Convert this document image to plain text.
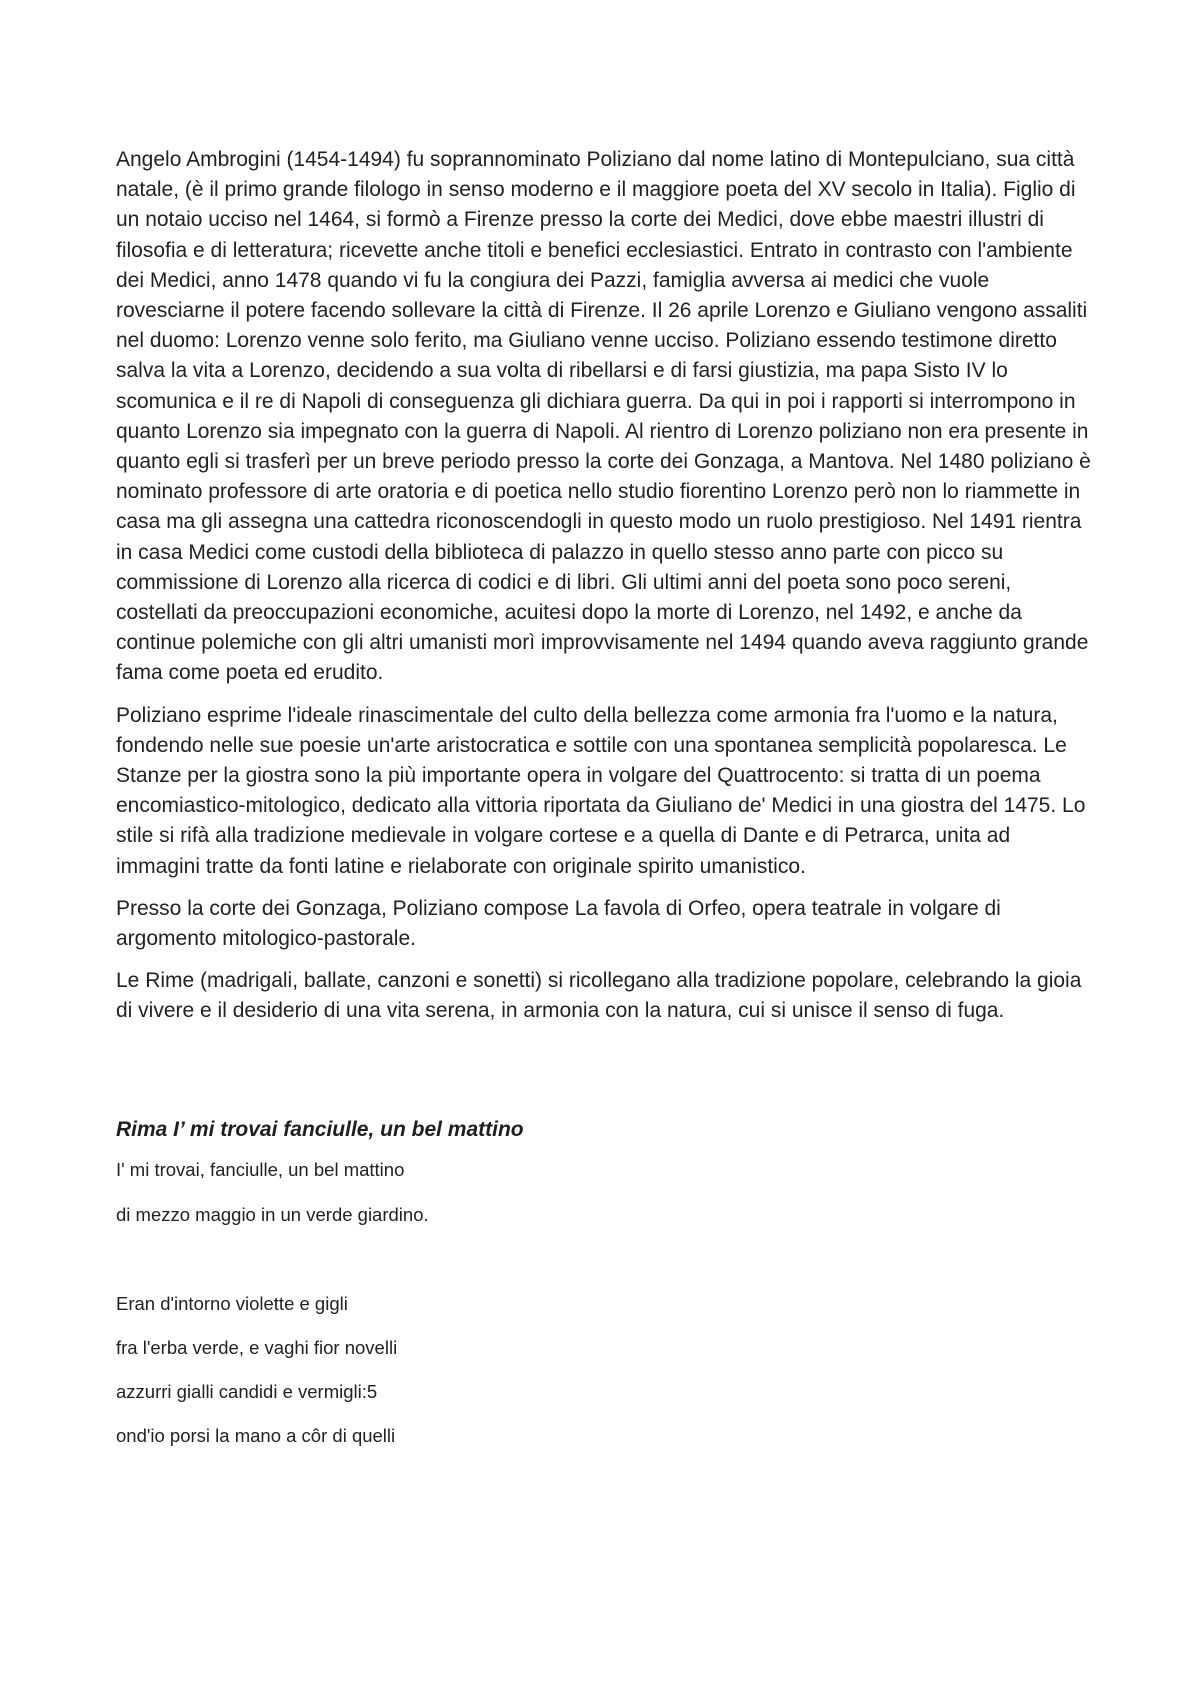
Angelo Ambrogini (1454-1494) fu soprannominato Poliziano dal nome latino di Montepulciano, sua città natale, (è il primo grande filologo in senso moderno e il maggiore poeta del XV secolo in Italia). Figlio di un notaio ucciso nel 1464, si formò a Firenze presso la corte dei Medici, dove ebbe maestri illustri di filosofia e di letteratura; ricevette anche titoli e benefici ecclesiastici. Entrato in contrasto con l'ambiente dei Medici, anno 1478 quando vi fu la congiura dei Pazzi, famiglia avversa ai medici che vuole rovesciarne il potere facendo sollevare la città di Firenze. Il 26 aprile Lorenzo e Giuliano vengono assaliti nel duomo: Lorenzo venne solo ferito, ma Giuliano venne ucciso. Poliziano essendo testimone diretto salva la vita a Lorenzo, decidendo a sua volta di ribellarsi e di farsi giustizia, ma papa Sisto IV lo scomunica e il re di Napoli di conseguenza gli dichiara guerra. Da qui in poi i rapporti si interrompono in quanto Lorenzo sia impegnato con la guerra di Napoli. Al rientro di Lorenzo poliziano non era presente in quanto egli si trasferì per un breve periodo presso la corte dei Gonzaga, a Mantova. Nel 1480 poliziano è nominato professore di arte oratoria e di poetica nello studio fiorentino Lorenzo però non lo riammette in casa ma gli assegna una cattedra riconoscendogli in questo modo un ruolo prestigioso. Nel 1491 rientra in casa Medici come custodi della biblioteca di palazzo in quello stesso anno parte con picco su commissione di Lorenzo alla ricerca di codici e di libri. Gli ultimi anni del poeta sono poco sereni, costellati da preoccupazioni economiche, acuitesi dopo la morte di Lorenzo, nel 1492, e anche da continue polemiche con gli altri umanisti morì improvvisamente nel 1494 quando aveva raggiunto grande fama come poeta ed erudito.

Poliziano esprime l'ideale rinascimentale del culto della bellezza come armonia fra l'uomo e la natura, fondendo nelle sue poesie un'arte aristocratica e sottile con una spontanea semplicità popolaresca. Le Stanze per la giostra sono la più importante opera in volgare del Quattrocento: si tratta di un poema encomiastico-mitologico, dedicato alla vittoria riportata da Giuliano de' Medici in una giostra del 1475. Lo stile si rifà alla tradizione medievale in volgare cortese e a quella di Dante e di Petrarca, unita ad immagini tratte da fonti latine e rielaborate con originale spirito umanistico.

Presso la corte dei Gonzaga, Poliziano compose La favola di Orfeo, opera teatrale in volgare di argomento mitologico-pastorale.

Le Rime (madrigali, ballate, canzoni e sonetti) si ricollegano alla tradizione popolare, celebrando la gioia di vivere e il desiderio di una vita serena, in armonia con la natura, cui si unisce il senso di fuga.

Rima I’ mi trovai fanciulle, un bel mattino
I' mi trovai, fanciulle, un bel mattino
di mezzo maggio in un verde giardino.
Eran d'intorno violette e gigli
fra l'erba verde, e vaghi fior novelli
azzurri gialli candidi e vermigli:5
ond'io porsi la mano a côr di quelli
